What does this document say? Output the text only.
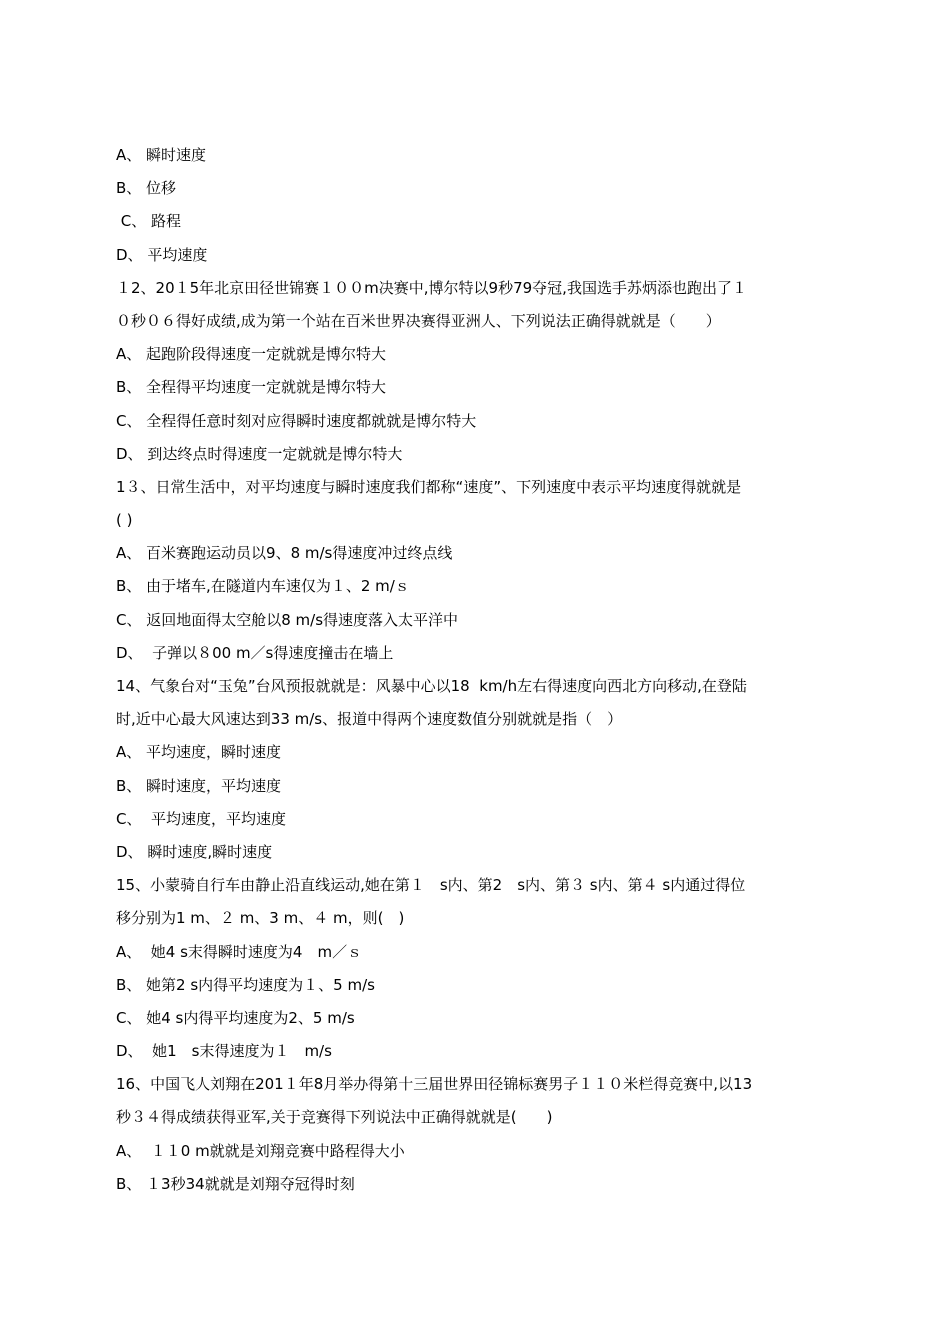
A、 瞬时速度
B、 位移
C、 路程
D、 平均速度
１2、20１5年北京田径世锦赛１００m决赛中,博尔特以9秒79夺冠,我国选手苏炳添也跑出了１
０秒０６得好成绩,成为第一个站在百米世界决赛得亚洲人、下列说法正确得就就是（　　）
A、 起跑阶段得速度一定就就是博尔特大
B、 全程得平均速度一定就就是博尔特大
C、 全程得任意时刻对应得瞬时速度都就就是博尔特大
D、 到达终点时得速度一定就就是博尔特大
1３、日常生活中，对平均速度与瞬时速度我们都称“速度”、下列速度中表示平均速度得就就是
( )
A、 百米赛跑运动员以9、8 m/s得速度冲过终点线
B、 由于堵车,在隧道内车速仅为１、2 m/ｓ
C、 返回地面得太空舱以8 m/s得速度落入太平洋中
D、  子弹以８00 m／s得速度撞击在墙上
14、气象台对“玉兔”台风预报就就是：风暴中心以18  km/h左右得速度向西北方向移动,在登陆
时,近中心最大风速达到33 m/s、报道中得两个速度数值分别就就是指（　）
A、 平均速度，瞬时速度
B、 瞬时速度，平均速度
C、  平均速度，平均速度
D、 瞬时速度,瞬时速度
15、小蒙骑自行车由静止沿直线运动,她在第１　s内、第2　s内、第３ s内、第４ s内通过得位
移分别为1 m、２ m、3 m、４ m，则(　)
A、  她4 s末得瞬时速度为4　m／ｓ
B、 她第2 s内得平均速度为１、5 m/s
C、 她4 s内得平均速度为2、5 m/s
D、  她1　s末得速度为１　m/s
16、中国飞人刘翔在201１年8月举办得第十三届世界田径锦标赛男子１１０米栏得竞赛中,以13
秒３４得成绩获得亚军,关于竞赛得下列说法中正确得就就是(　　)
A、  １１0 m就就是刘翔竞赛中路程得大小
B、 １3秒34就就是刘翔夺冠得时刻
